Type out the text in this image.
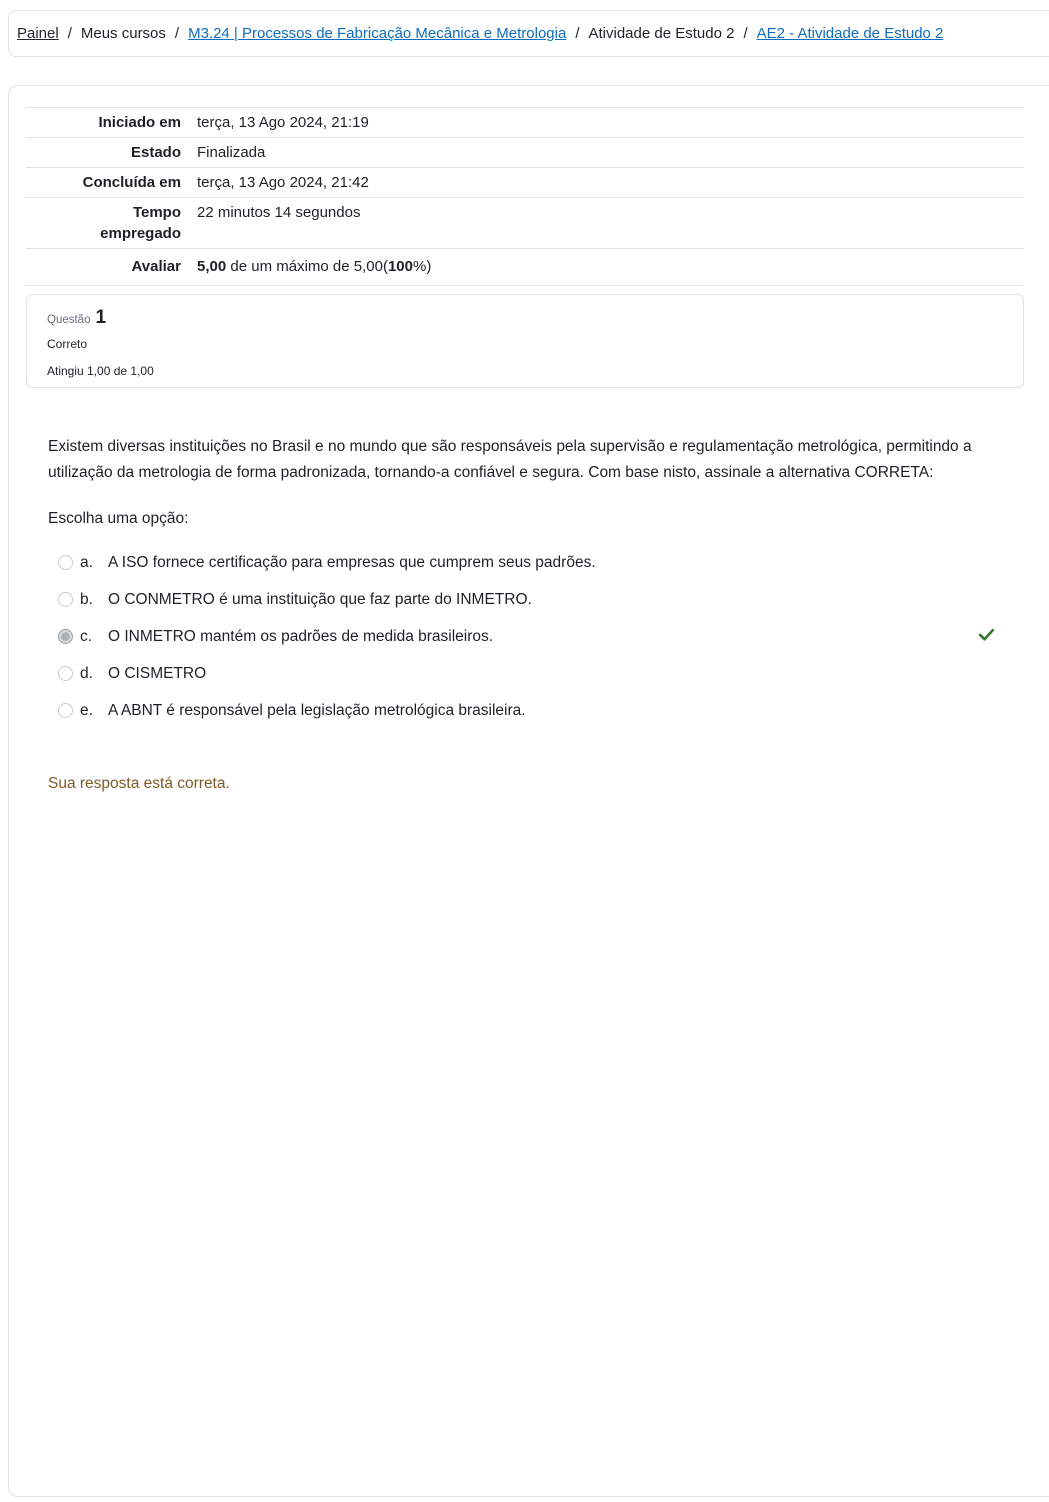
Painel / Meus cursos / M3.24 | Processos de Fabricação Mecânica e Metrologia / Atividade de Estudo 2 / AE2 - Atividade de Estudo 2
Iniciado em	terça, 13 Ago 2024, 21:19
Estado	Finalizada
Concluída em	terça, 13 Ago 2024, 21:42
Tempo empregado	22 minutos 14 segundos
Avaliar	5,00 de um máximo de 5,00(100%)
Questão 1
Correto
Atingiu 1,00 de 1,00
Existem diversas instituições no Brasil e no mundo que são responsáveis pela supervisão e regulamentação metrológica, permitindo a utilização da metrologia de forma padronizada, tornando-a confiável e segura. Com base nisto, assinale a alternativa CORRETA:
Escolha uma opção:
a. A ISO fornece certificação para empresas que cumprem seus padrões.
b. O CONMETRO é uma instituição que faz parte do INMETRO.
c.	O INMETRO mantém os padrões de medida brasileiros.
d. O CISMETRO
e. A ABNT é responsável pela legislação metrológica brasileira.
Sua resposta está correta.
